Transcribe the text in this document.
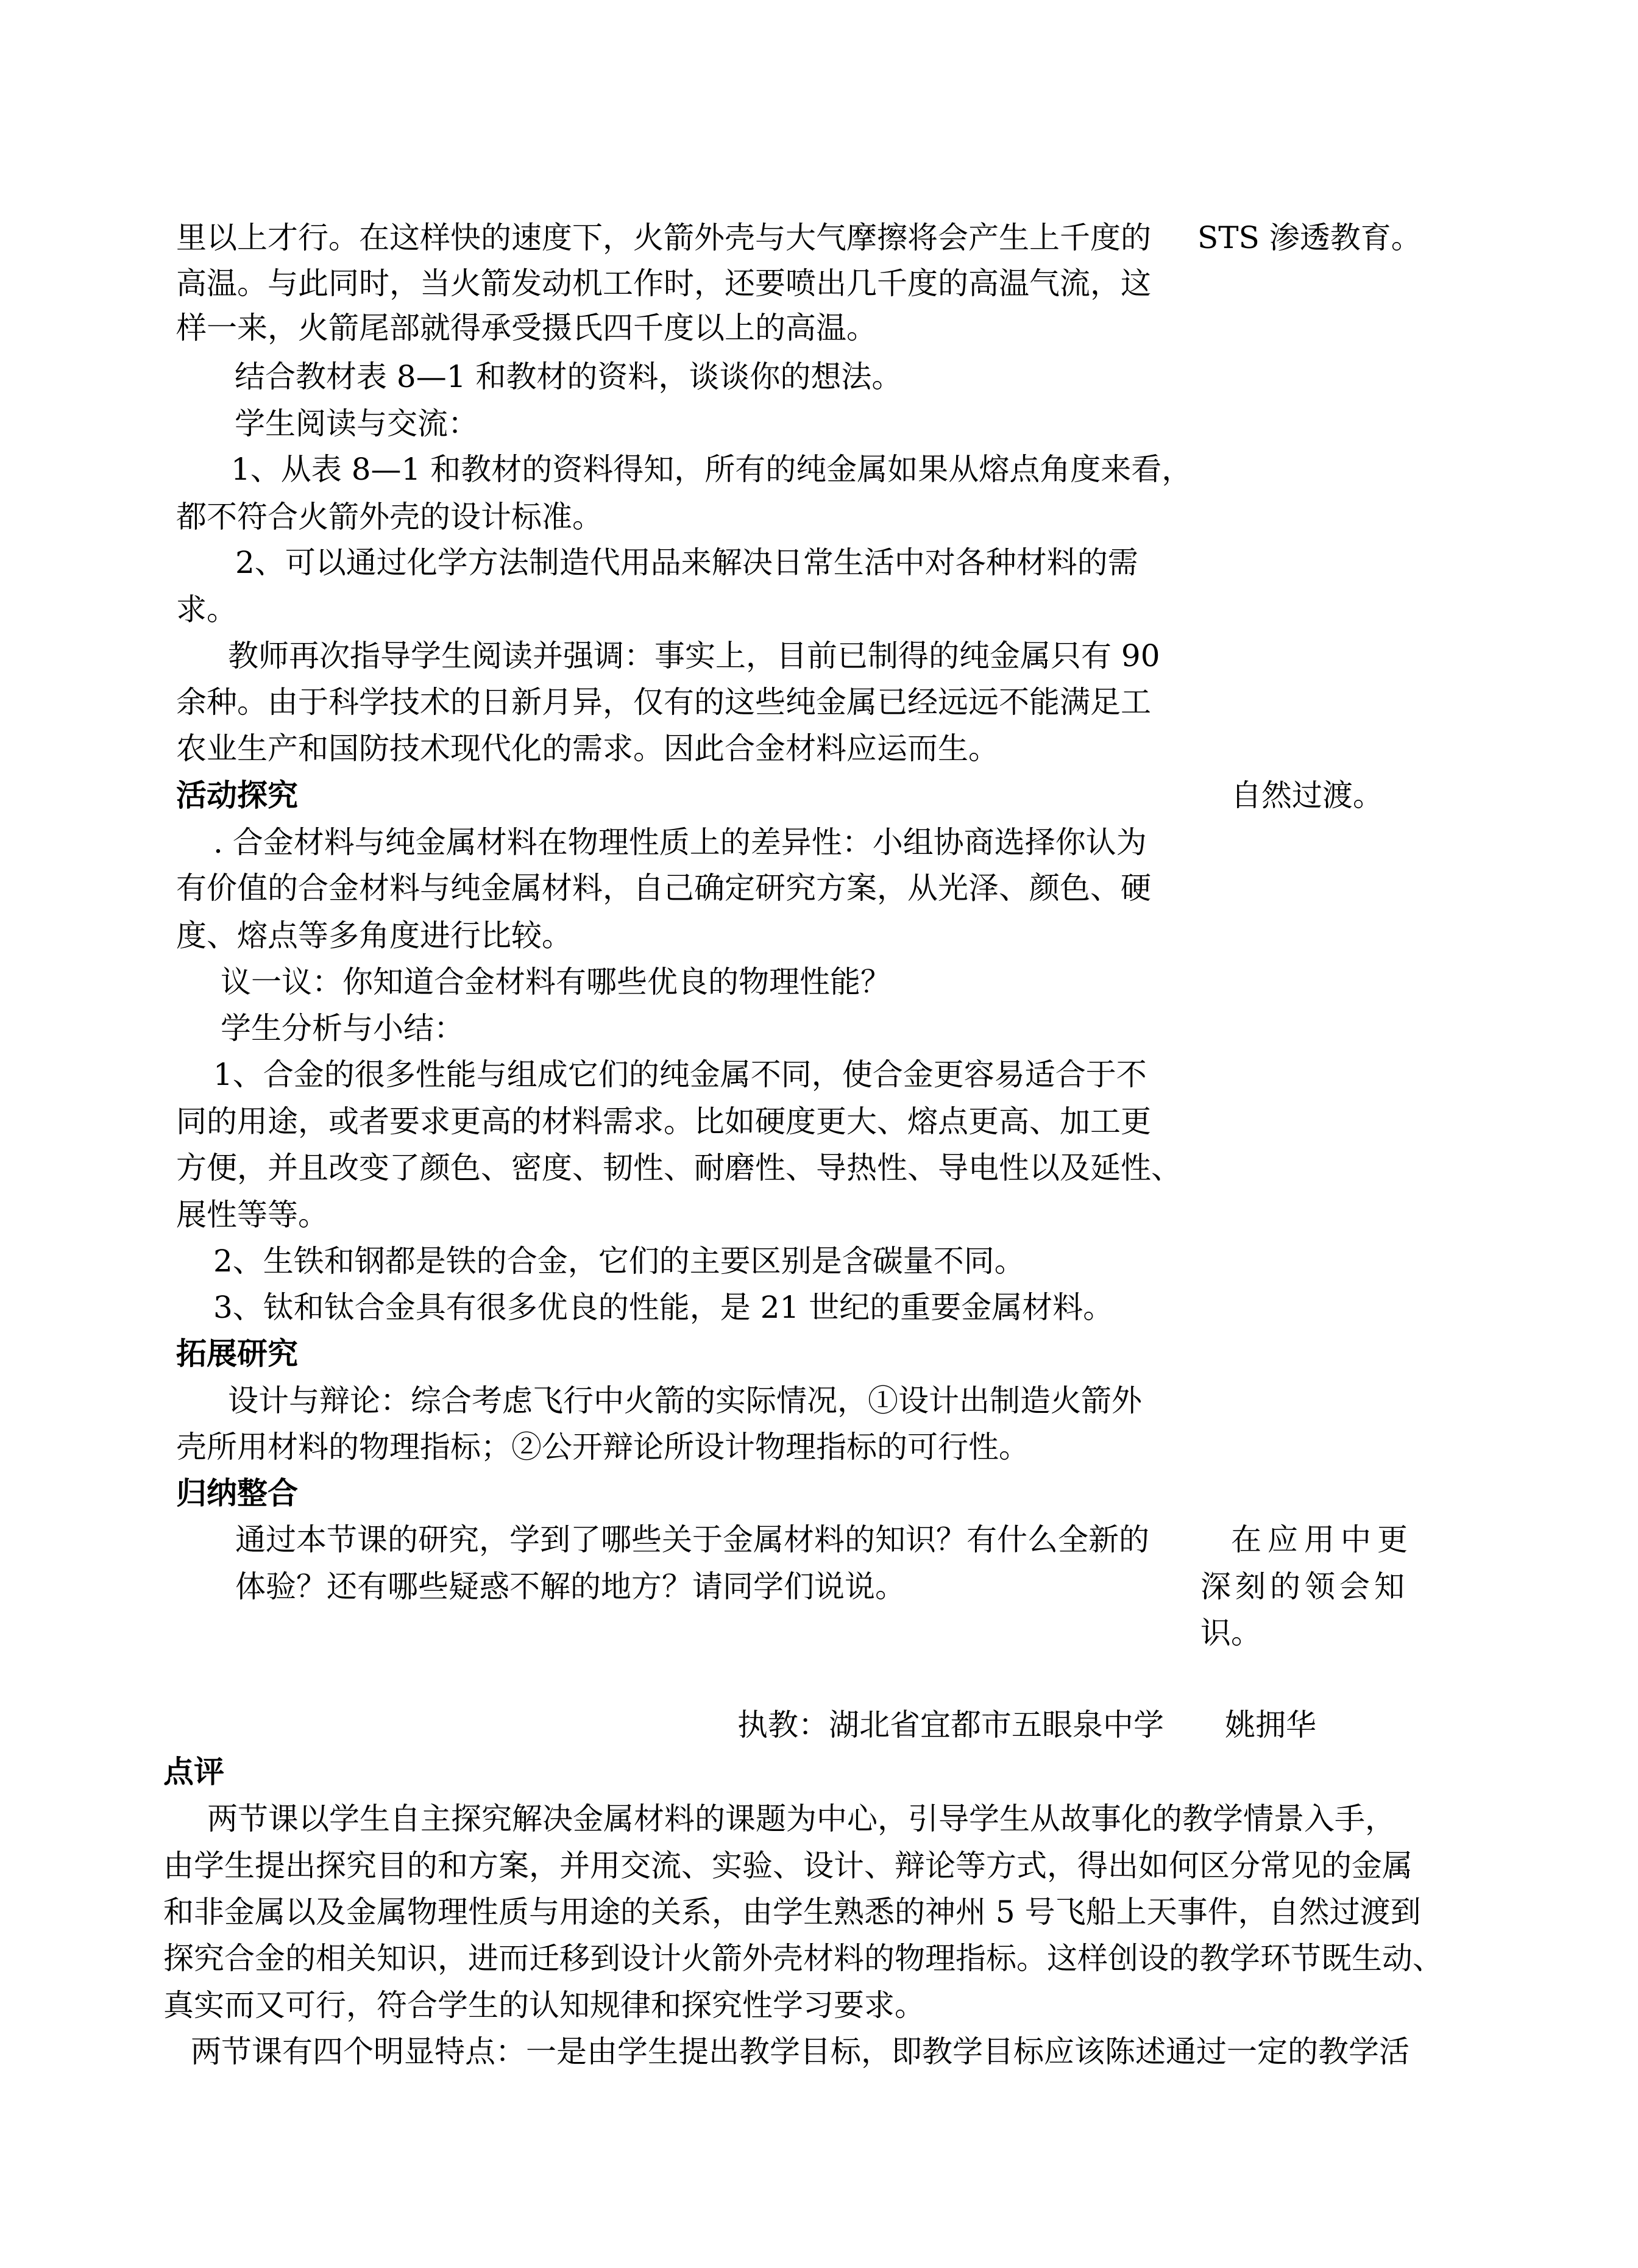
里以上才行。在这样快的速度下，火箭外壳与大气摩擦将会产生上千度的
高温。与此同时，当火箭发动机工作时，还要喷出几千度的高温气流，这
样一来，火箭尾部就得承受摄氏四千度以上的高温。
结合教材表 8—1 和教材的资料，谈谈你的想法。
学生阅读与交流：
1、从表 8—1 和教材的资料得知，所有的纯金属如果从熔点角度来看，
都不符合火箭外壳的设计标准。
2、可以通过化学方法制造代用品来解决日常生活中对各种材料的需
求。
教师再次指导学生阅读并强调：事实上，目前已制得的纯金属只有 90
余种。由于科学技术的日新月异，仅有的这些纯金属已经远远不能满足工
农业生产和国防技术现代化的需求。因此合金材料应运而生。
活动探究
. 合金材料与纯金属材料在物理性质上的差异性：小组协商选择你认为
有价值的合金材料与纯金属材料，自己确定研究方案，从光泽、颜色、硬
度、熔点等多角度进行比较。
议一议：你知道合金材料有哪些优良的物理性能？
学生分析与小结：
1、合金的很多性能与组成它们的纯金属不同，使合金更容易适合于不
同的用途，或者要求更高的材料需求。比如硬度更大、熔点更高、加工更
方便，并且改变了颜色、密度、韧性、耐磨性、导热性、导电性以及延性、
展性等等。
2、生铁和钢都是铁的合金，它们的主要区别是含碳量不同。
3、钛和钛合金具有很多优良的性能，是 21 世纪的重要金属材料。
拓展研究
设计与辩论：综合考虑飞行中火箭的实际情况，①设计出制造火箭外
壳所用材料的物理指标；②公开辩论所设计物理指标的可行性。
归纳整合
通过本节课的研究，学到了哪些关于金属材料的知识？有什么全新的
体验？还有哪些疑惑不解的地方？请同学们说说。
STS 渗透教育。
自然过渡。
在应用中更
深刻的领会知
识。
执教：湖北省宜都市五眼泉中学　　姚拥华
点评
两节课以学生自主探究解决金属材料的课题为中心，引导学生从故事化的教学情景入手，
由学生提出探究目的和方案，并用交流、实验、设计、辩论等方式，得出如何区分常见的金属
和非金属以及金属物理性质与用途的关系，由学生熟悉的神州 5 号飞船上天事件，自然过渡到
探究合金的相关知识，进而迁移到设计火箭外壳材料的物理指标。这样创设的教学环节既生动、
真实而又可行，符合学生的认知规律和探究性学习要求。
两节课有四个明显特点：一是由学生提出教学目标，即教学目标应该陈述通过一定的教学活
